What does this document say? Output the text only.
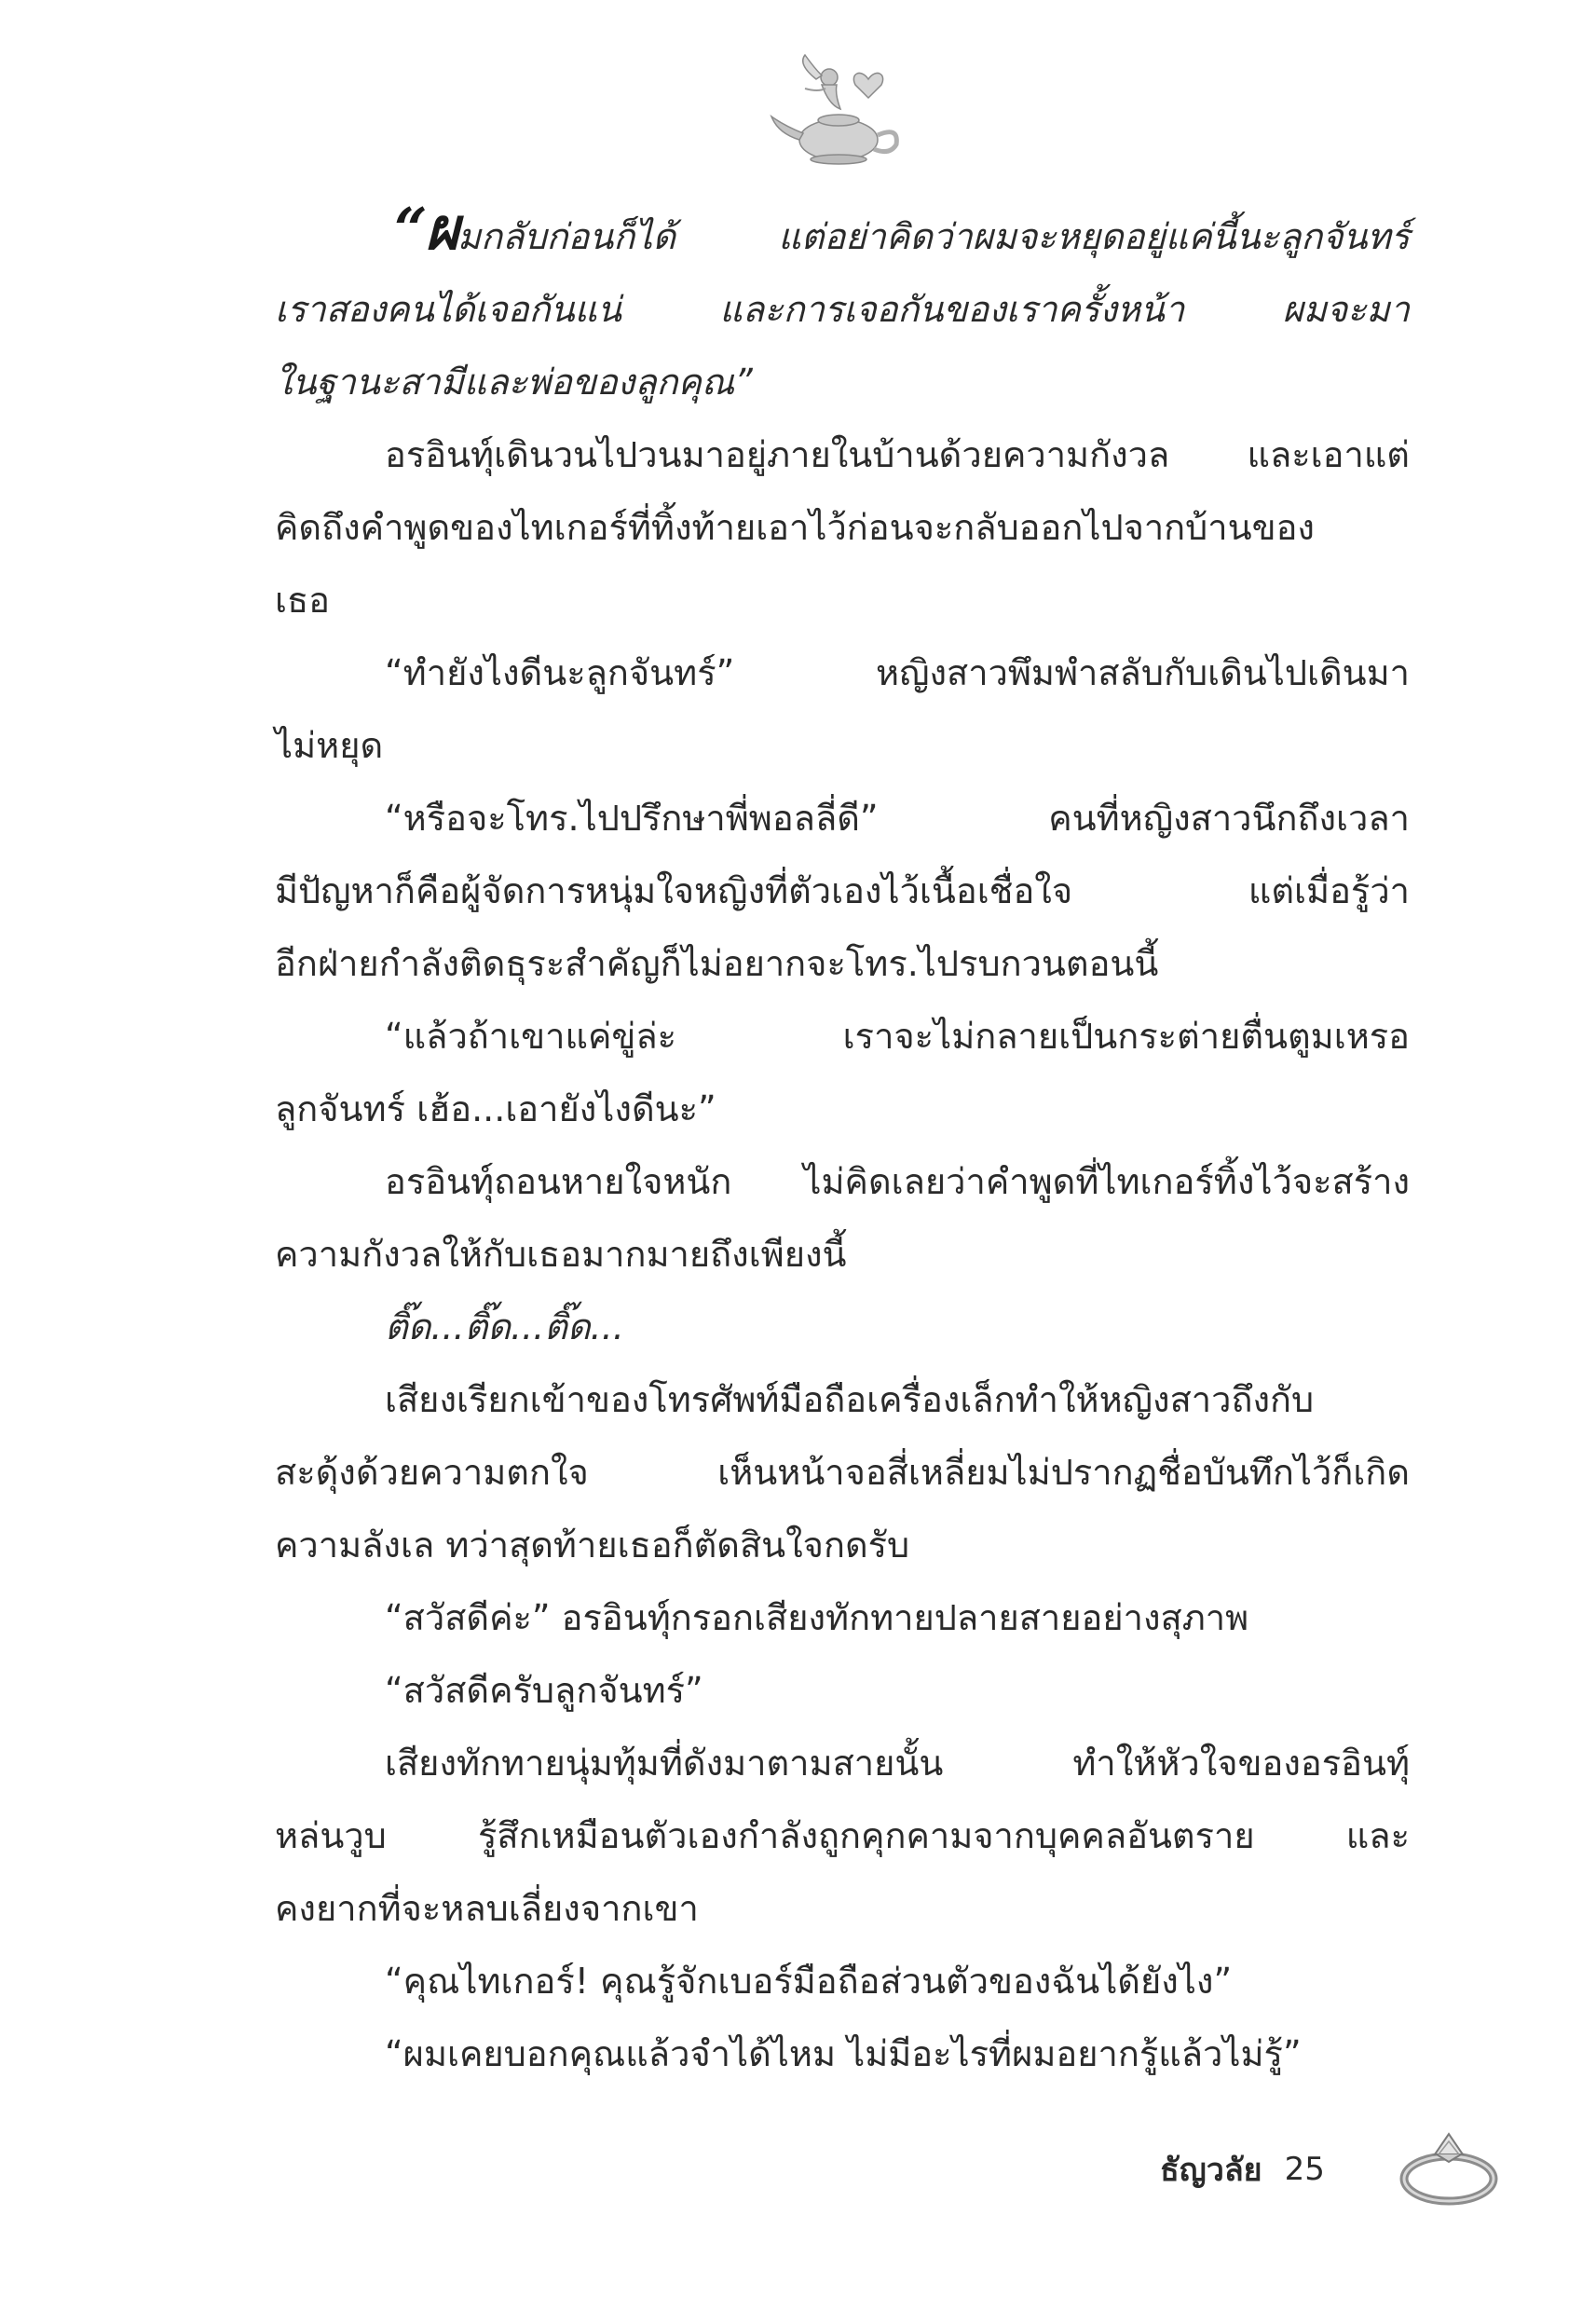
“ผมกลับก่อนก็ได้ แต่อย่าคิดว่าผมจะหยุดอยู่แค่นี้นะลูกจันทร์
เราสองคนได้เจอกันแน่ และการเจอกันของเราครั้งหน้า ผมจะมา
ในฐานะสามีและพ่อของลูกคุณ”
อรอินทุ์เดินวนไปวนมาอยู่ภายในบ้านด้วยความกังวล และเอาแต่
คิดถึงคำพูดของไทเกอร์ที่ทิ้งท้ายเอาไว้ก่อนจะกลับออกไปจากบ้านของ
เธอ
“ทำยังไงดีนะลูกจันทร์” หญิงสาวพึมพำสลับกับเดินไปเดินมา
ไม่หยุด
“หรือจะโทร.ไปปรึกษาพี่พอลลี่ดี” คนที่หญิงสาวนึกถึงเวลา
มีปัญหาก็คือผู้จัดการหนุ่มใจหญิงที่ตัวเองไว้เนื้อเชื่อใจ แต่เมื่อรู้ว่า
อีกฝ่ายกำลังติดธุระสำคัญก็ไม่อยากจะโทร.ไปรบกวนตอนนี้
“แล้วถ้าเขาแค่ขู่ล่ะ เราจะไม่กลายเป็นกระต่ายตื่นตูมเหรอ
ลูกจันทร์ เฮ้อ...เอายังไงดีนะ”
อรอินทุ์ถอนหายใจหนัก ไม่คิดเลยว่าคำพูดที่ไทเกอร์ทิ้งไว้จะสร้าง
ความกังวลให้กับเธอมากมายถึงเพียงนี้
ติ๊ด...ติ๊ด...ติ๊ด...
เสียงเรียกเข้าของโทรศัพท์มือถือเครื่องเล็กทำให้หญิงสาวถึงกับ
สะดุ้งด้วยความตกใจ เห็นหน้าจอสี่เหลี่ยมไม่ปรากฏชื่อบันทึกไว้ก็เกิด
ความลังเล ทว่าสุดท้ายเธอก็ตัดสินใจกดรับ
“สวัสดีค่ะ” อรอินทุ์กรอกเสียงทักทายปลายสายอย่างสุภาพ
“สวัสดีครับลูกจันทร์”
เสียงทักทายนุ่มทุ้มที่ดังมาตามสายนั้น ทำให้หัวใจของอรอินทุ์
หล่นวูบ รู้สึกเหมือนตัวเองกำลังถูกคุกคามจากบุคคลอันตราย และ
คงยากที่จะหลบเลี่ยงจากเขา
“คุณไทเกอร์! คุณรู้จักเบอร์มือถือส่วนตัวของฉันได้ยังไง”
“ผมเคยบอกคุณแล้วจำได้ไหม ไม่มีอะไรที่ผมอยากรู้แล้วไม่รู้”
ธัญวลัย 25
